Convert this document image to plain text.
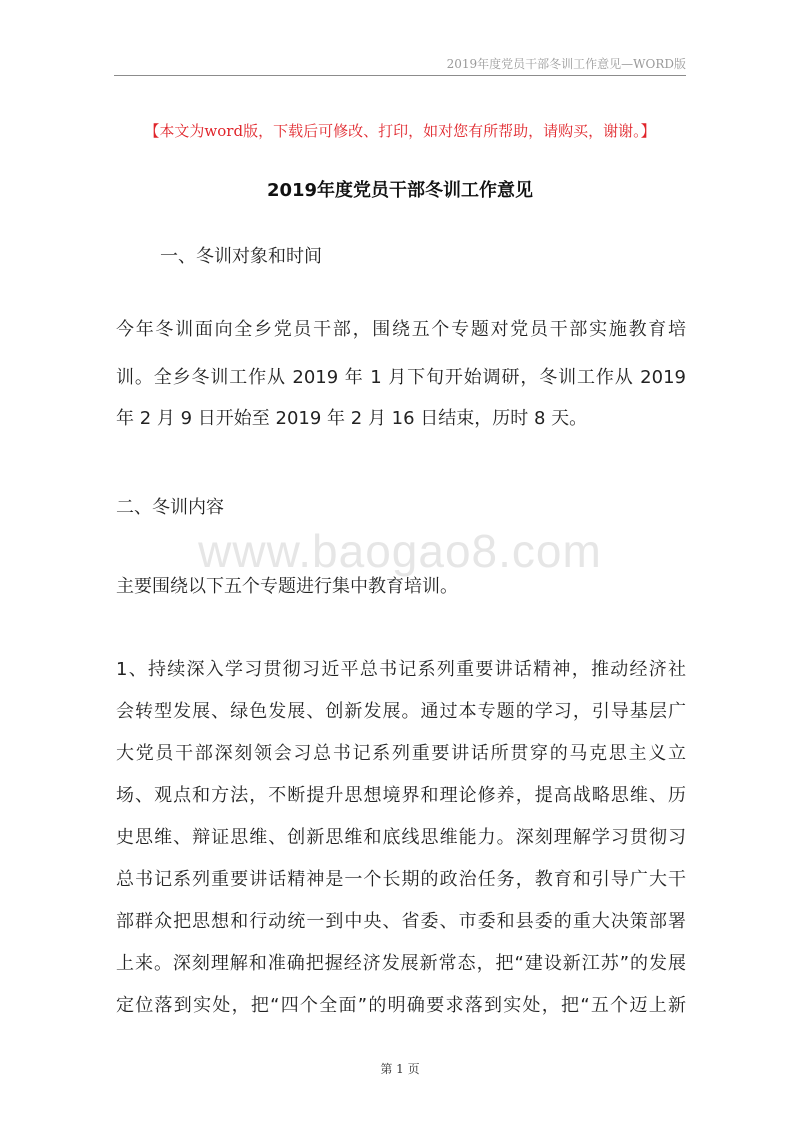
2019年度党员干部冬训工作意见—WORD版
【本文为word版，下载后可修改、打印，如对您有所帮助，请购买，谢谢。】
2019年度党员干部冬训工作意见
一、冬训对象和时间
今年冬训面向全乡党员干部，围绕五个专题对党员干部实施教育培
训。全乡冬训工作从 2019 年 1 月下旬开始调研，冬训工作从 2019
年 2 月 9 日开始至 2019 年 2 月 16 日结束，历时 8 天。
二、冬训内容
www.baogao8.com
主要围绕以下五个专题进行集中教育培训。
1、持续深入学习贯彻习近平总书记系列重要讲话精神，推动经济社
会转型发展、绿色发展、创新发展。通过本专题的学习，引导基层广
大党员干部深刻领会习总书记系列重要讲话所贯穿的马克思主义立
场、观点和方法，不断提升思想境界和理论修养，提高战略思维、历
史思维、辩证思维、创新思维和底线思维能力。深刻理解学习贯彻习
总书记系列重要讲话精神是一个长期的政治任务，教育和引导广大干
部群众把思想和行动统一到中央、省委、市委和县委的重大决策部署
上来。深刻理解和准确把握经济发展新常态，把“建设新江苏”的发展
定位落到实处，把“四个全面”的明确要求落到实处，把“五个迈上新
第 1 页
